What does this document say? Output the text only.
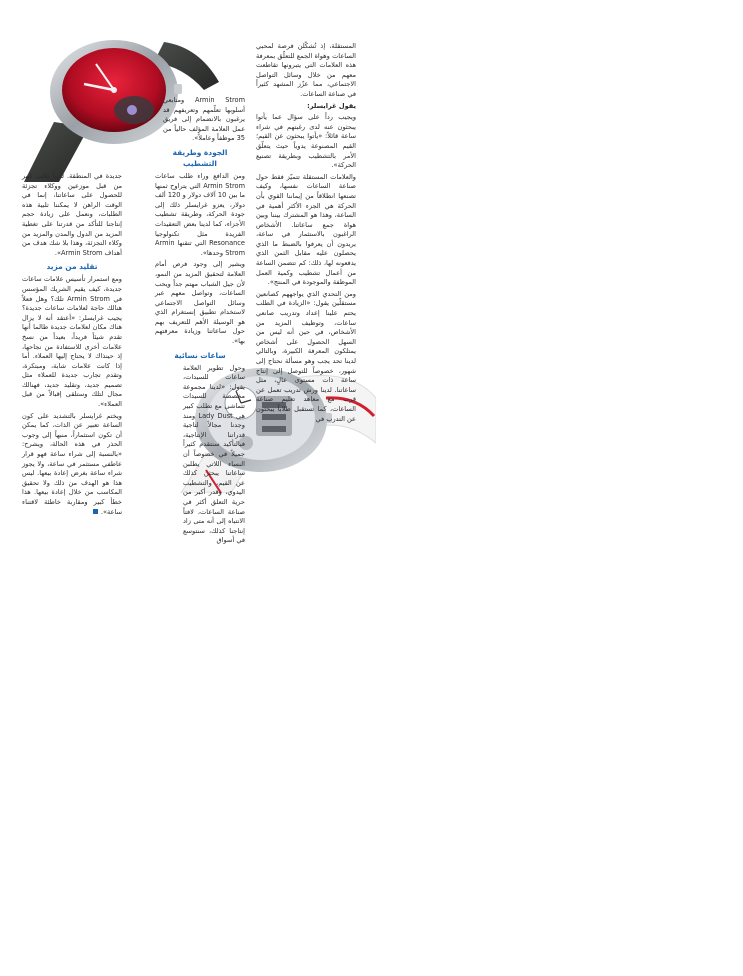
المستقلة، إذ تُشكّلن فرصة لمحبي الساعات وهواة الجمع للتعلّق بمعرفة هذه العلامات التي يتبرونها تقاطعت معهم من خلال وسائل التواصل الاجتماعي، مما عزّز المشهد كثيراً في صناعة الساعات.

يقول غرايسلر:

ويجيب رداً على سؤال عما يأتوا يبحثون عنه لدى رغبتهم في شراء ساعة قائلاً: «يأتوا يبحثون عن القيم؛ القيم المصنوعة يدوياً حيث يتعلّق الأمر بالتشطيب وبطريقة تصنيع الحركة».

والعلامات المستقلة تتميّز فقط حول صناعة الساعات نفسها، وكيف تصنعها انطلاقاً من إيماننا القوي بأن الحركة هي الجزء الأكثر أهمية في الساعة، وهذا هو المشترك بيننا وبين هواة جمع ساعاتنا. الأشخاص الراغبون بالاستثمار في ساعة، يريدون أن يعرفوا بالضبط ما الذي يحصلون عليه مقابل الثمن الذي يدفعونه لها، ذلك: كم تتضمن الساعة من أعمال تشطيب وكمية العمل الموظفة والموجودة في المنتج».

ومن التحدي الذي يواجههم كصانعين مستقلّين يقول: «الزيادة في الطلب يحتم علينا إعداد وتدريب صانعي ساعات، وتوظيف المزيد من الأشخاص، في حين أنه ليس من السهل الحصول على أشخاص يمتلكون المعرفة الكبيرة، وبالتالي لدينا تحد يجب وهو مسألة نحتاج إلى شهور، خصوصاً للتوصل إلى إنتاج ساعة ذات مستوى عالٍ، مثل ساعاتنا. لدينا ورش تدريب تعمل عن قرب مع معاهد تعليم صناعة الساعات، كما تستقبل طلاباً يبحثون عن التدرب في

Armin Strom ومتابعي أسلوبها تعلّمهم وتعريفهم قد يرغبون بالانضمام إلى فريق عمل العلامة المؤلف حالياً من 35 موظفاً وعاملاً».

الجودة وطريقة التشطيب

ومن الدافع وراء طلب ساعات Armin Strom التي يتراوح ثمنها ما بين 10 آلاف دولار و 120 ألف دولار، يعزو غرايسلر ذلك إلى جودة الحركة، وطريقة تشطيب الأجزاء، كما لدينا بعض التعقيدات الفريدة مثل تكنولوجيا Resonance التي تتقنها Armin Strom وحدها».

ويشير إلى وجود فرص أمام العلامة لتحقيق المزيد من النمو، لأن جيل الشباب مهتم جداً ويحب الساعات، وتواصل معهم عبر وسائل التواصل الاجتماعي لاستخدام تطبيق إنستغرام الذي هو الوسيلة الأهم للتعريف بهم حول ساعاتنا وزيادة معرفتهم بها».

ساعات نسائية

وحول تطوير العلامة ساعات للسيدات، يقول: «لدينا مجموعة مخصصة للسيدات تتماشى مع تطلب كبير هي Lady Dust ومنذ وجدنا مجالاً لتاجية قدراتنا الإنتاجية، فبالتأكيد سنتقدم كثيراً جميلاً في خصوصاً أن النساء اللاتي يطلبن ساعاتنا يبحثن كذلك عن القيم، والتشطيب اليدوي، وقدر أكبر من حرية التعلق أكثر في صناعة الساعات، لافتاً الانتباه إلى أنه متى زاد إنتاجنا كذلك، سنتوسع في أسواق

جديدة في المنطقة. لدينا طلب كبير من قبل موزعين ووكلاء تجزئة للحصول على ساعاتنا، إنما في الوقت الراهن لا يمكننا تلبية هذه الطلبات، ونعمل على زيادة حجم إنتاجنا للتأكد من قدرتنا على تغطية المزيد من الدول والمدن والمزيد من وكلاء التجزئة، وهذا بلا شك هدف من أهداف Armin Strom».

تقليد من مزيد

ومع استمرار تأسيس علامات ساعات جديدة، كيف يقيم الشريك المؤسس في Armin Strom تلك؟ وهل فعلاً هنالك حاجة لعلامات ساعات جديدة؟ يجيب غرايسلر: «أعتقد أنه لا يزال هناك مكان لعلامات جديدة طالما أنها تقدم شيئاً فريداً، بعيداً من نسخ علامات أخرى للاستفادة من نجاحها، إذ حينذاك لا يحتاج إليها العملاء. أما إذا كانت علامات شابة، ومبتكرة، وتقدم تجارب جديدة للعملاء مثل تصميم جديد، وتقليد جديد، فهنالك مجال لتلك وستلقى إقبالاً من قبل العملاء».

ويختم غرايسلر بالتشديد على كون الساعة تعبير عن الذات، كما يمكن أن تكون استثماراً، منبهاً إلى وجوب الحذر في هذه الحالة، ويشرح: «بالنسبة إلى شراء ساعة فهو قرار عاطفي مستثمر في ساعة، ولا يجوز شراء ساعة بغرض إعادة بيعها. ليس هذا هو الهدف من ذلك ولا تحقيق المكاسب من خلال إعادة بيعها. هذا خطأ كبير ومقاربة خاطئة لاقتناء ساعة».
